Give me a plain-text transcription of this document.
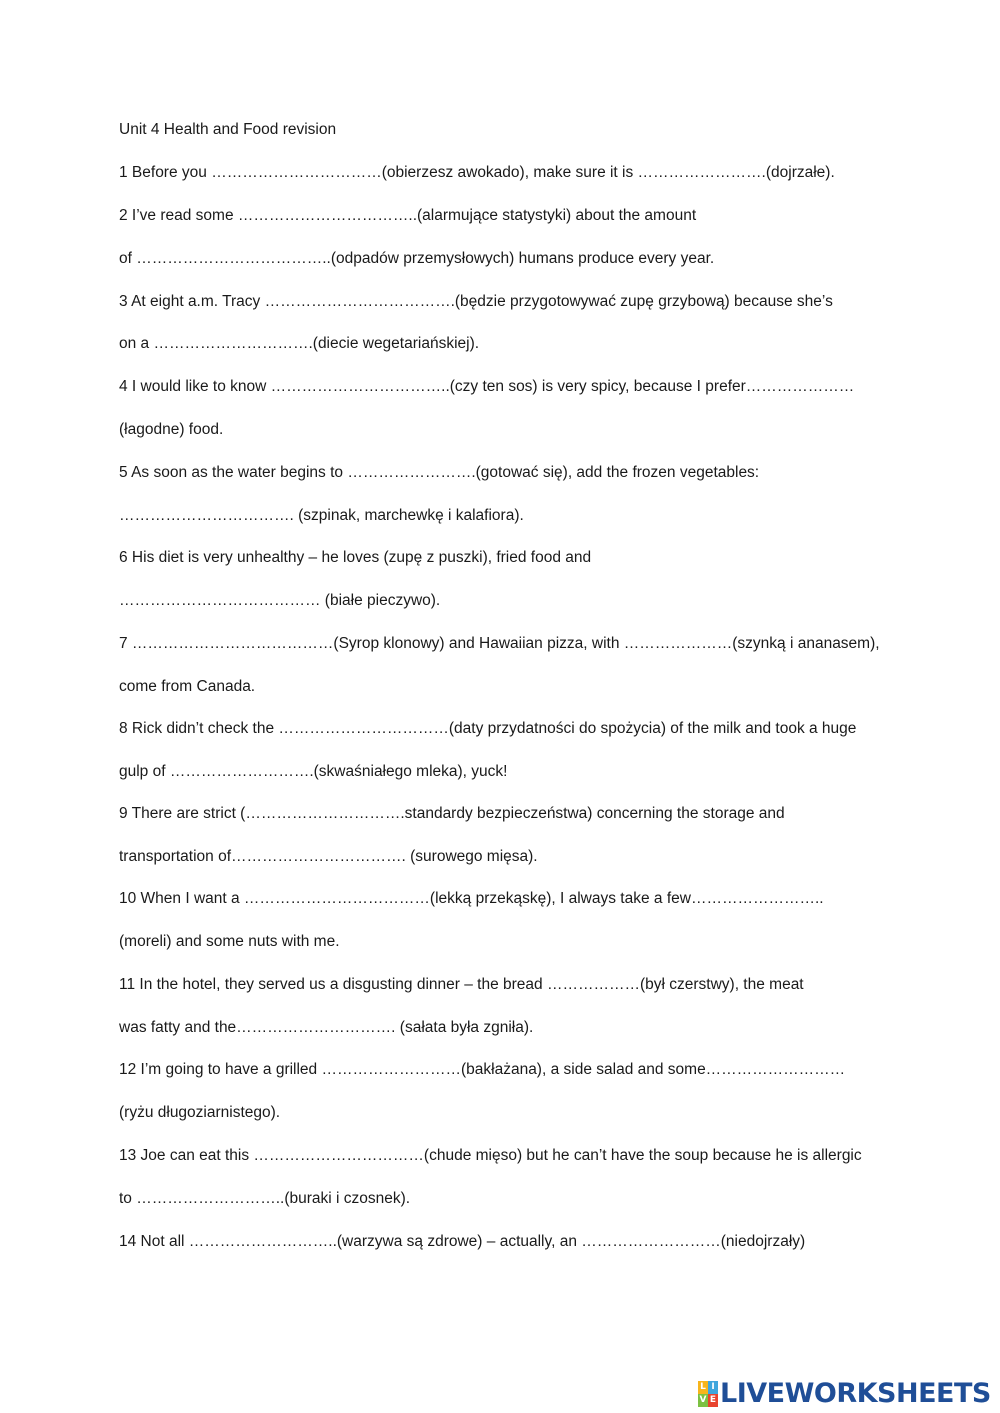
Unit 4 Health and Food revision
1 Before you ……………………………(obierzesz awokado), make sure it is …………………….(dojrzałe).
2 I’ve read some ……………………………..(alarmujące statystyki) about the amount
of ………………………………..(odpadów przemysłowych) humans produce every year.
3 At eight a.m. Tracy ……………………………….(będzie przygotowywać zupę grzybową) because she’s
on a ………………………….(diecie wegetariańskiej).
4 I would like to know ……………………………..(czy ten sos) is very spicy, because I prefer…………………
(łagodne) food.
5 As soon as the water begins to …………………….(gotować się), add the frozen vegetables:
……………………………. (szpinak, marchewkę i kalafiora).
6 His diet is very unhealthy – he loves (zupę z puszki), fried food and
………………………………… (białe pieczywo).
7 …………………………………(Syrop klonowy) and Hawaiian pizza, with …………………(szynką i ananasem),
come from Canada.
8 Rick didn’t check the ……………………………(daty przydatności do spożycia) of the milk and took a huge
gulp of ……………………….(skwaśniałego mleka), yuck!
9 There are strict (………………………….standardy bezpieczeństwa) concerning the storage and
transportation of……………………………. (surowego mięsa).
10 When I want a ………………………………(lekką przekąskę), I always take a few……………………..
(moreli) and some nuts with me.
11 In the hotel, they served us a disgusting dinner – the bread ………………(był czerstwy), the meat
was fatty and the…………………………. (sałata była zgniła).
12 I’m going to have a grilled ………………………(bakłażana), a side salad and some………………………
(ryżu długoziarnistego).
13 Joe can eat this ……………………………(chude mięso) but he can’t have the soup because he is allergic
to ………………………..(buraki i czosnek).
14 Not all ………………………..(warzywa są zdrowe) – actually, an ………………………(niedojrzały)
L I
V E LIVEWORKSHEETS
